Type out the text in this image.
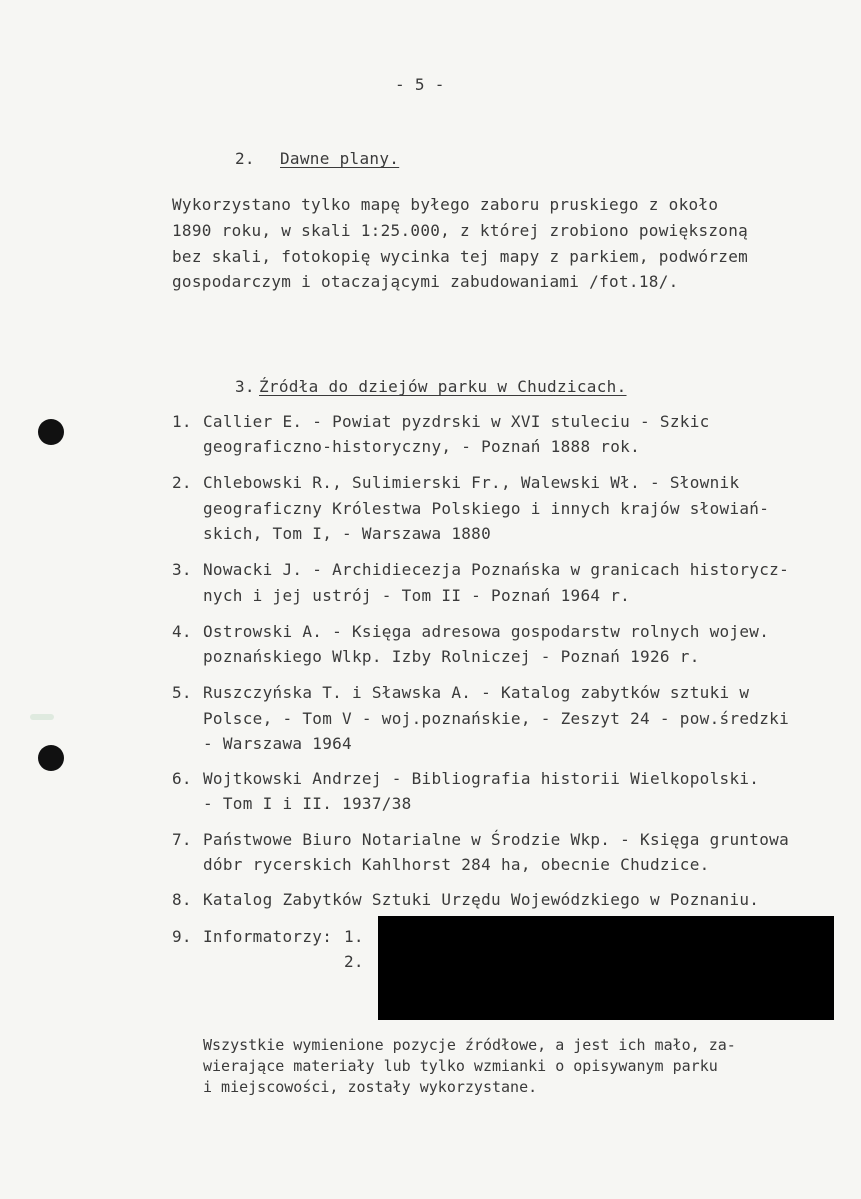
- 5 -
2. Dawne plany.
Wykorzystano tylko mapę byłego zaboru pruskiego z około
1890 roku, w skali 1:25.000, z której zrobiono powiększoną
bez skali, fotokopię wycinka tej mapy z parkiem, podwórzem
gospodarczym i otaczającymi zabudowaniami /fot.18/.
3. Źródła do dziejów parku w Chudzicach.
1. Callier E. - Powiat pyzdrski w XVI stuleciu - Szkic
geograficzno-historyczny, - Poznań 1888 rok.
2. Chlebowski R., Sulimierski Fr., Walewski Wł. - Słownik
geograficzny Królestwa Polskiego i innych krajów słowiań-
skich, Tom I, - Warszawa 1880
3. Nowacki J. - Archidiecezja Poznańska w granicach historycz-
nych i jej ustrój - Tom II - Poznań 1964 r.
4. Ostrowski A. - Księga adresowa gospodarstw rolnych wojew.
poznańskiego Wlkp. Izby Rolniczej - Poznań 1926 r.
5. Ruszczyńska T. i Sławska A. - Katalog zabytków sztuki w
Polsce, - Tom V - woj.poznańskie, - Zeszyt 24 - pow.średzki
- Warszawa 1964
6. Wojtkowski Andrzej - Bibliografia historii Wielkopolski.
- Tom I i II. 1937/38
7. Państwowe Biuro Notarialne w Środzie Wkp. - Księga gruntowa
dóbr rycerskich Kahlhorst 284 ha, obecnie Chudzice.
8. Katalog Zabytków Sztuki Urzędu Wojewódzkiego w Poznaniu.
9. Informatorzy: 1.
2.
Wszystkie wymienione pozycje źródłowe, a jest ich mało, za-
wierające materiały lub tylko wzmianki o opisywanym parku
i miejscowości, zostały wykorzystane.
